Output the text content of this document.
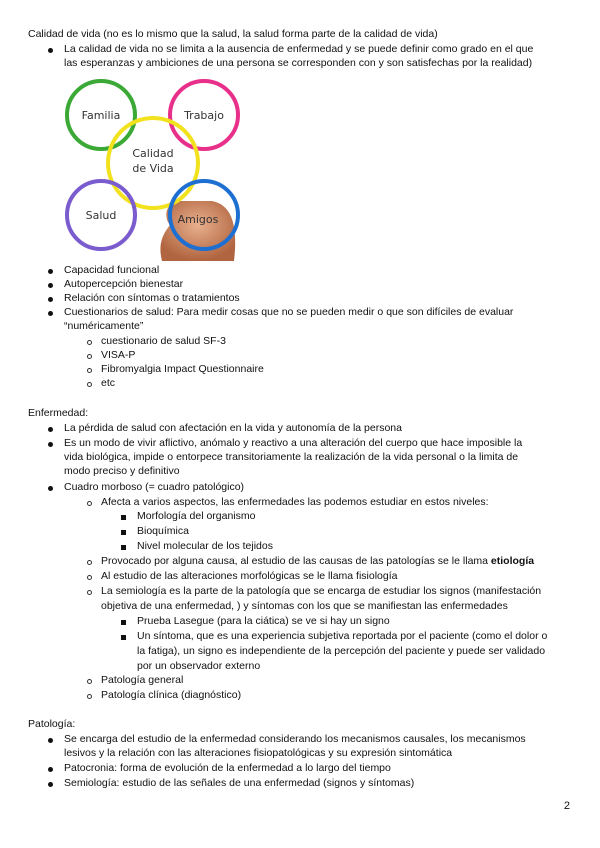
Calidad de vida (no es lo mismo que la salud, la salud forma parte de la calidad de vida)
La calidad de vida no se limita a la ausencia de enfermedad y se puede definir como grado en el que
las esperanzas y ambiciones de una persona se corresponden con y son satisfechas por la realidad)
Familia	Trabajo
Calidad
de Vida
Salud	Amigos
Capacidad funcional
Autopercepción bienestar
Relación con síntomas o tratamientos
Cuestionarios de salud: Para medir cosas que no se pueden medir o que son difíciles de evaluar
“numéricamente”
cuestionario de salud SF-3
VISA-P
Fibromyalgia Impact Questionnaire
etc
Enfermedad:
La pérdida de salud con afectación en la vida y autonomía de la persona
Es un modo de vivir aflictivo, anómalo y reactivo a una alteración del cuerpo que hace imposible la
vida biológica, impide o entorpece transitoriamente la realización de la vida personal o la limita de
modo preciso y definitivo
Cuadro morboso (= cuadro patológico)
Afecta a varios aspectos, las enfermedades las podemos estudiar en estos niveles:
Morfología del organismo
Bioquímica
Nivel molecular de los tejidos
Provocado por alguna causa, al estudio de las causas de las patologías se le llama etiología
Al estudio de las alteraciones morfológicas se le llama fisiología
La semiología es la parte de la patología que se encarga de estudiar los signos (manifestación
objetiva de una enfermedad, ) y síntomas con los que se manifiestan las enfermedades
Prueba Lasegue (para la ciática) se ve si hay un signo
Un síntoma, que es una experiencia subjetiva reportada por el paciente (como el dolor o
la fatiga), un signo es independiente de la percepción del paciente y puede ser validado
por un observador externo
Patología general
Patología clínica (diagnóstico)
Patología:
Se encarga del estudio de la enfermedad considerando los mecanismos causales, los mecanismos
lesivos y la relación con las alteraciones fisiopatológicas y su expresión sintomática
Patocronia: forma de evolución de la enfermedad a lo largo del tiempo
Semiología: estudio de las señales de una enfermedad (signos y síntomas)
2
